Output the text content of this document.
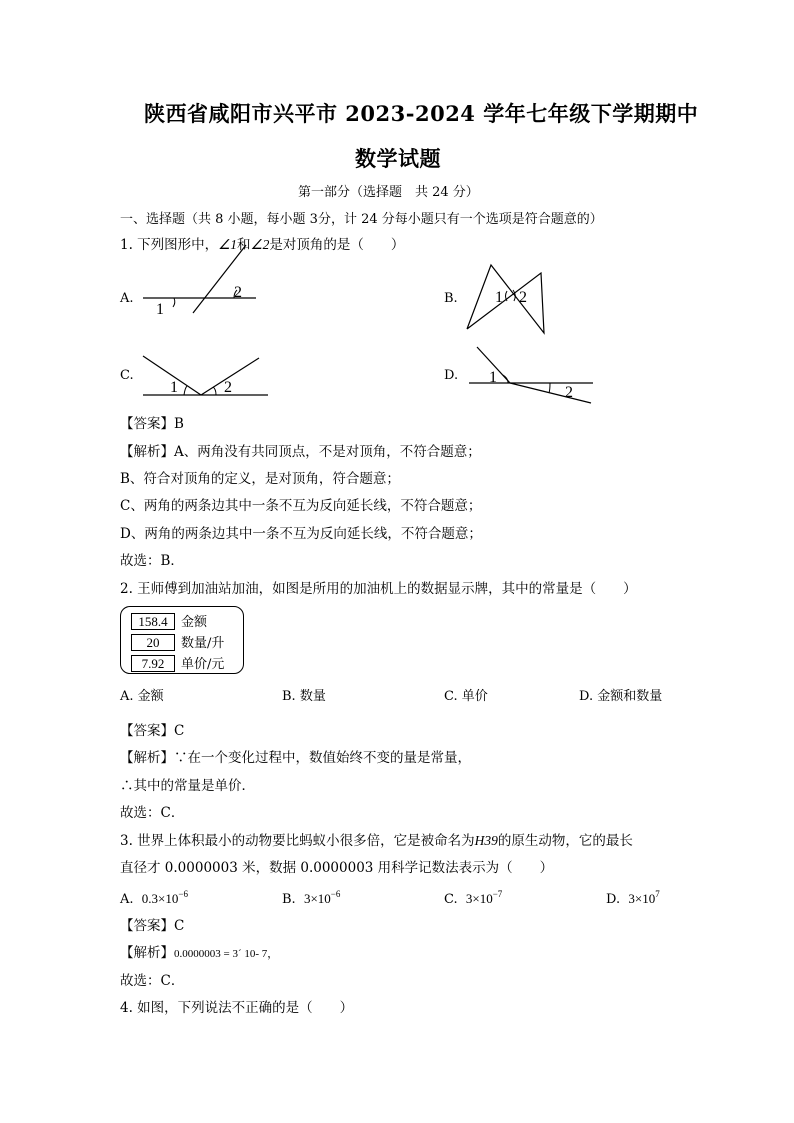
陕西省咸阳市兴平市 2023-2024 学年七年级下学期期中
数学试题
第一部分（选择题　共 24 分）
一、选择题（共 8 小题，每小题 3分，计 24 分每小题只有一个选项是符合题意的）
1. 下列图形中，∠1和∠2是对顶角的是（　　）
A.	B.
C.	D.
1
2	1 2
1	2
1
2
【答案】B
【解析】A、两角没有共同顶点，不是对顶角，不符合题意；
B、符合对顶角的定义，是对顶角，符合题意；
C、两角的两条边其中一条不互为反向延长线，不符合题意；
D、两角的两条边其中一条不互为反向延长线，不符合题意；
故选：B．
2. 王师傅到加油站加油，如图是所用的加油机上的数据显示牌，其中的常量是（　　）
158.4 金额
20 数量/升
7.92 单价/元
A. 金额	B. 数量	C. 单价	D. 金额和数量
【答案】C
【解析】∵在一个变化过程中，数值始终不变的量是常量，
∴其中的常量是单价．
故选：C．
3. 世界上体积最小的动物要比蚂蚁小很多倍，它是被命名为H39的原生动物，它的最长
直径才 0.0000003 米，数据 0.0000003 用科学记数法表示为（　　）
A. $0.3\times 10^{-6}$	B. $3\times 10^{-6}$	C. $3\times 10^{-7}$	D. $3\times 10^7$
【答案】C
【解析】0.0000003 = 3´ 10- 7，
故选：C．
4. 如图，下列说法不正确的是（　　）
